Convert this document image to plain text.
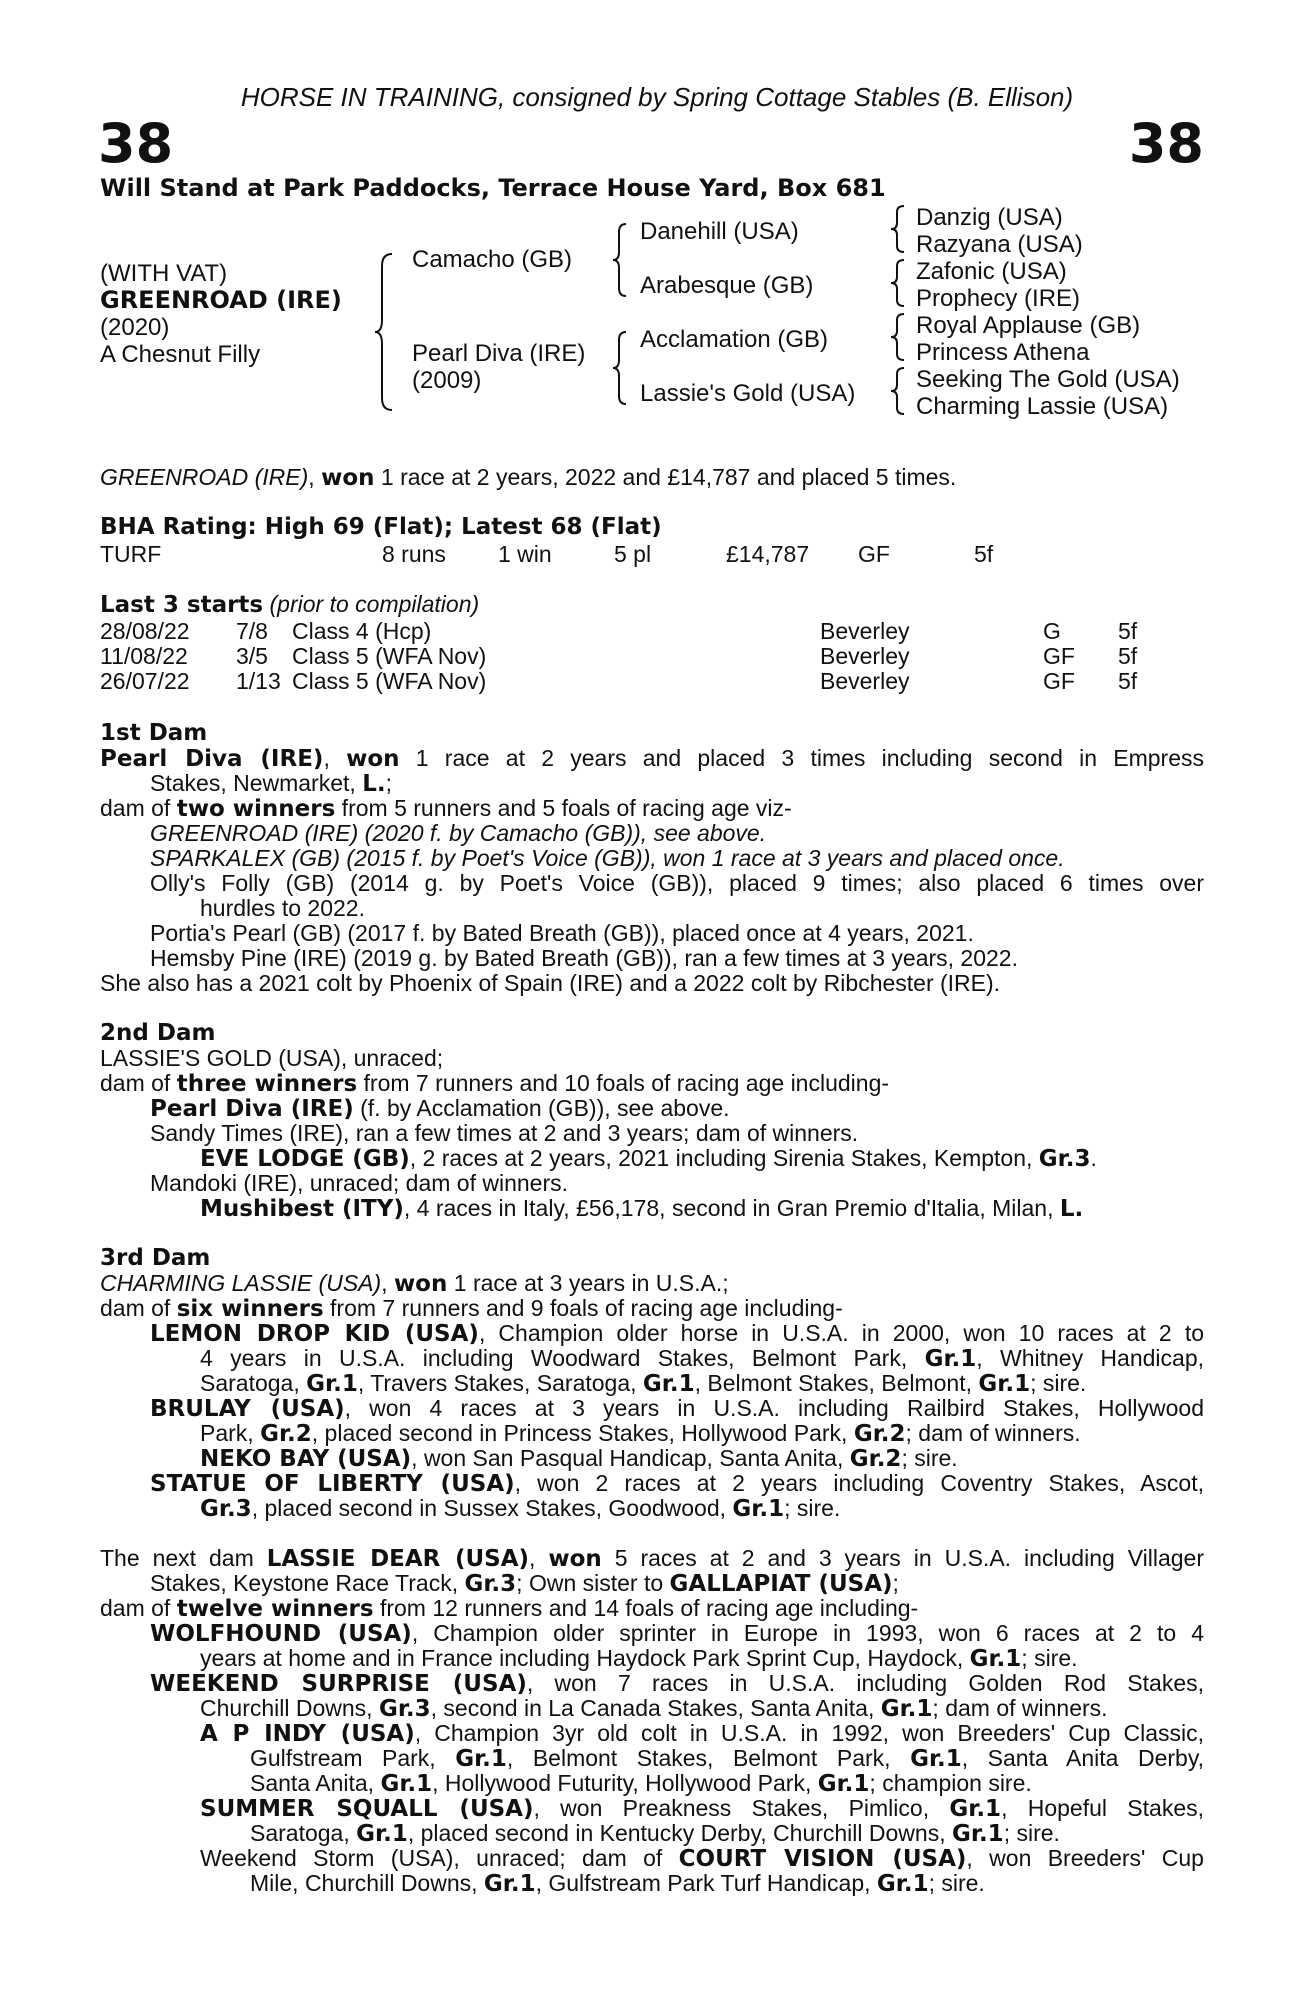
HORSE IN TRAINING, consigned by Spring Cottage Stables (B. Ellison)
38	38
Will Stand at Park Paddocks, Terrace House Yard, Box 681
(WITH VAT)
GREENROAD (IRE)
(2020)
A Chesnut Filly
Camacho (GB)
Pearl Diva (IRE)
(2009)
Danehill (USA)
Arabesque (GB)
Acclamation (GB)
Lassie's Gold (USA)
Danzig (USA)
Razyana (USA)
Zafonic (USA)
Prophecy (IRE)
Royal Applause (GB)
Princess Athena
Seeking The Gold (USA)
Charming Lassie (USA)
GREENROAD (IRE), won 1 race at 2 years, 2022 and £14,787 and placed 5 times.
BHA Rating: High 69 (Flat); Latest 68 (Flat)
TURF	8 runs 1 win	5 pl	£14,787 GF	5f
Last 3 starts (prior to compilation)
28/08/22 7/8 Class 4 (Hcp)	Beverley	G 5f
11/08/22 3/5 Class 5 (WFA Nov)	Beverley	GF 5f
26/07/22 1/13 Class 5 (WFA Nov)	Beverley	GF 5f
1st Dam
Pearl Diva (IRE), won 1 race at 2 years and placed 3 times including second in Empress
Stakes, Newmarket, L.;
dam of two winners from 5 runners and 5 foals of racing age viz-
GREENROAD (IRE) (2020 f. by Camacho (GB)), see above.
SPARKALEX (GB) (2015 f. by Poet's Voice (GB)), won 1 race at 3 years and placed once.
Olly's Folly (GB) (2014 g. by Poet's Voice (GB)), placed 9 times; also placed 6 times over
hurdles to 2022.
Portia's Pearl (GB) (2017 f. by Bated Breath (GB)), placed once at 4 years, 2021.
Hemsby Pine (IRE) (2019 g. by Bated Breath (GB)), ran a few times at 3 years, 2022.
She also has a 2021 colt by Phoenix of Spain (IRE) and a 2022 colt by Ribchester (IRE).
2nd Dam
LASSIE'S GOLD (USA), unraced;
dam of three winners from 7 runners and 10 foals of racing age including-
Pearl Diva (IRE) (f. by Acclamation (GB)), see above.
Sandy Times (IRE), ran a few times at 2 and 3 years; dam of winners.
EVE LODGE (GB), 2 races at 2 years, 2021 including Sirenia Stakes, Kempton, Gr.3.
Mandoki (IRE), unraced; dam of winners.
Mushibest (ITY), 4 races in Italy, £56,178, second in Gran Premio d'Italia, Milan, L.
3rd Dam
CHARMING LASSIE (USA), won 1 race at 3 years in U.S.A.;
dam of six winners from 7 runners and 9 foals of racing age including-
LEMON DROP KID (USA), Champion older horse in U.S.A. in 2000, won 10 races at 2 to
4 years in U.S.A. including Woodward Stakes, Belmont Park, Gr.1, Whitney Handicap,
Saratoga, Gr.1, Travers Stakes, Saratoga, Gr.1, Belmont Stakes, Belmont, Gr.1; sire.
BRULAY (USA), won 4 races at 3 years in U.S.A. including Railbird Stakes, Hollywood
Park, Gr.2, placed second in Princess Stakes, Hollywood Park, Gr.2; dam of winners.
NEKO BAY (USA), won San Pasqual Handicap, Santa Anita, Gr.2; sire.
STATUE OF LIBERTY (USA), won 2 races at 2 years including Coventry Stakes, Ascot,
Gr.3, placed second in Sussex Stakes, Goodwood, Gr.1; sire.
The next dam LASSIE DEAR (USA), won 5 races at 2 and 3 years in U.S.A. including Villager
Stakes, Keystone Race Track, Gr.3; Own sister to GALLAPIAT (USA);
dam of twelve winners from 12 runners and 14 foals of racing age including-
WOLFHOUND (USA), Champion older sprinter in Europe in 1993, won 6 races at 2 to 4
years at home and in France including Haydock Park Sprint Cup, Haydock, Gr.1; sire.
WEEKEND SURPRISE (USA), won 7 races in U.S.A. including Golden Rod Stakes,
Churchill Downs, Gr.3, second in La Canada Stakes, Santa Anita, Gr.1; dam of winners.
A P INDY (USA), Champion 3yr old colt in U.S.A. in 1992, won Breeders' Cup Classic,
Gulfstream Park, Gr.1, Belmont Stakes, Belmont Park, Gr.1, Santa Anita Derby,
Santa Anita, Gr.1, Hollywood Futurity, Hollywood Park, Gr.1; champion sire.
SUMMER SQUALL (USA), won Preakness Stakes, Pimlico, Gr.1, Hopeful Stakes,
Saratoga, Gr.1, placed second in Kentucky Derby, Churchill Downs, Gr.1; sire.
Weekend Storm (USA), unraced; dam of COURT VISION (USA), won Breeders' Cup
Mile, Churchill Downs, Gr.1, Gulfstream Park Turf Handicap, Gr.1; sire.
